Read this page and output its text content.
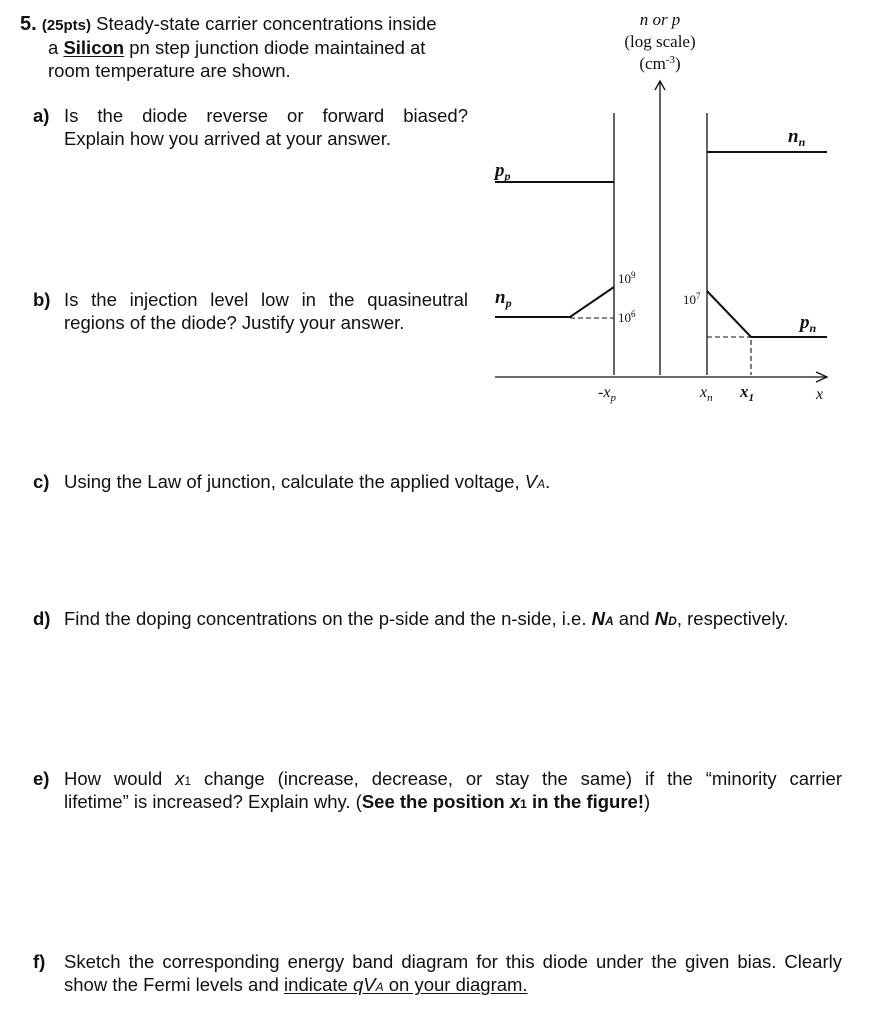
5. (25pts) Steady-state carrier concentrations inside
a Silicon pn step junction diode maintained at
room temperature are shown.
a) Is the diode reverse or forward biased?
Explain how you arrived at your answer.
b) Is the injection level low in the quasineutral
regions of the diode? Justify your answer.
c) Using the Law of junction, calculate the applied voltage, VA.
d) Find the doping concentrations on the p-side and the n-side, i.e. NA and ND, respectively.
e) How would x1 change (increase, decrease, or stay the same) if the “minority carrier
lifetime” is increased? Explain why. (See the position x1 in the figure!)
f) Sketch the corresponding energy band diagram for this diode under the given bias. Clearly
show the Fermi levels and indicate qVA on your diagram.
n or p
(log scale)
$(cm^{-3})$
$p_p$
$n_p$
$n_n$
$p_n$
$10^9$
$10^6$
$10^7$
$-x_p$	$x_n$ $x_1$	x
